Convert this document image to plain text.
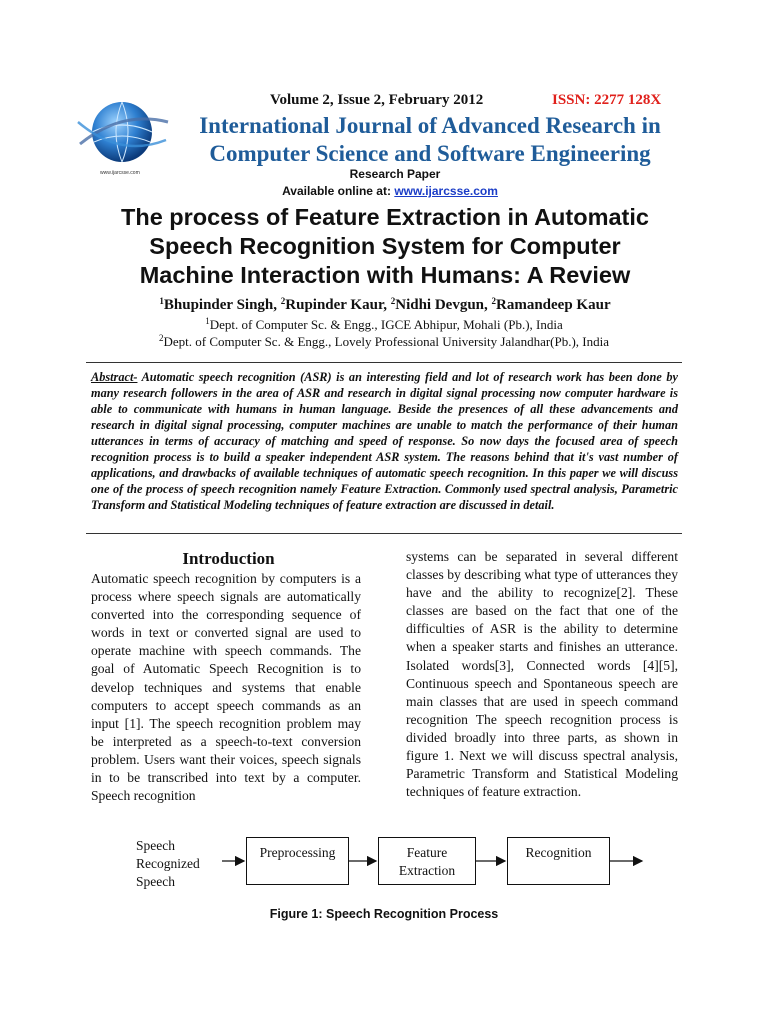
www.ijarcsse.com
Volume 2, Issue 2, February 2012	ISSN: 2277 128X
International Journal of Advanced Research in
Computer Science and Software Engineering
Research Paper
Available online at: www.ijarcsse.com
The process of Feature Extraction in Automatic
Speech Recognition System for Computer
Machine Interaction with Humans: A Review
$^1$Bhupinder Singh, $^2$Rupinder Kaur, $^2$Nidhi Devgun, $^2$Ramandeep Kaur
$^1$Dept. of Computer Sc. & Engg., IGCE Abhipur, Mohali (Pb.), India
$^2$Dept. of Computer Sc. & Engg., Lovely Professional University Jalandhar(Pb.), India
Abstract- Automatic speech recognition (ASR) is an interesting field and lot of research work has been done by many research followers in the area of ASR and research in digital signal processing now computer hardware is able to communicate with humans in human language. Beside the presences of all these advancements and research in digital signal processing, computer machines are unable to match the performance of their human utterances in terms of accuracy of matching and speed of response. So now days the focused area of speech recognition process is to build a speaker independent ASR system. The reasons behind that it's vast number of applications, and drawbacks of available techniques of automatic speech recognition. In this paper we will discuss one of the process of speech recognition namely Feature Extraction. Commonly used spectral analysis, Parametric Transform and Statistical Modeling techniques of feature extraction are discussed in detail.
Introduction
Automatic speech recognition by computers is a process where speech signals are automatically converted into the corresponding sequence of words in text or converted signal are used to operate machine with speech commands. The goal of Automatic Speech Recognition is to develop techniques and systems that enable computers to accept speech commands as an input [1]. The speech recognition problem may be interpreted as a speech-to-text conversion problem. Users want their voices, speech signals in to be transcribed into text by a computer. Speech recognition
systems can be separated in several different classes by describing what type of utterances they have and the ability to recognize[2]. These classes are based on the fact that one of the difficulties of ASR is the ability to determine when a speaker starts and finishes an utterance. Isolated words[3], Connected words [4][5], Continuous speech and Spontaneous speech are main classes that are used in speech command recognition The speech recognition process is divided broadly into three parts, as shown in figure 1. Next we will discuss spectral analysis, Parametric Transform and Statistical Modeling techniques of feature extraction.
Speech
Recognized
Speech
Preprocessing	Feature
Extraction
Recognition
Figure 1: Speech Recognition Process
